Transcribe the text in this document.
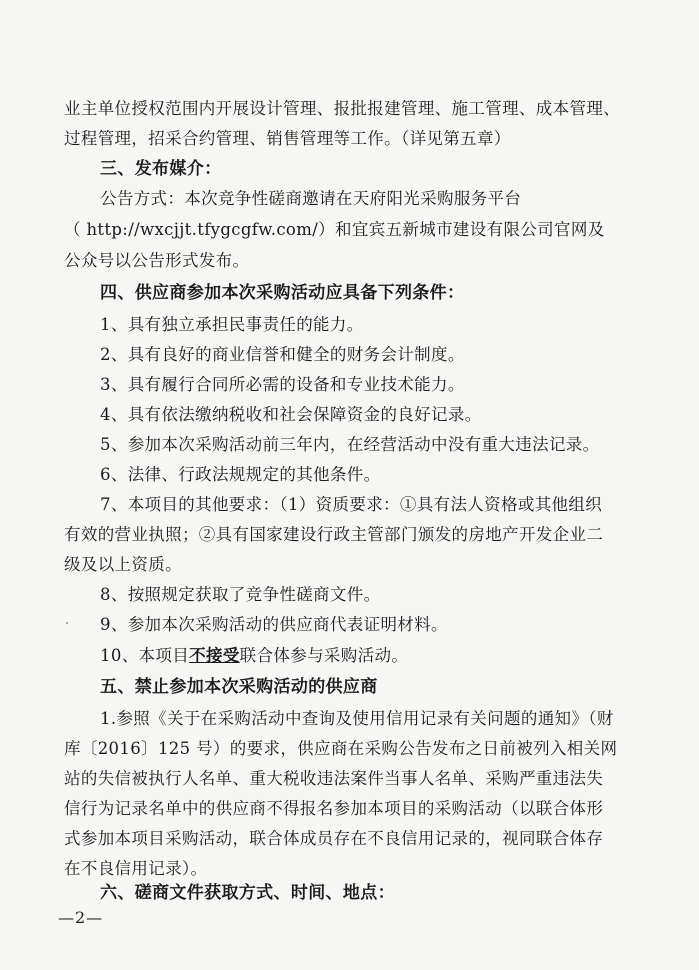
业主单位授权范围内开展设计管理、报批报建管理、施工管理、成本管理、
过程管理，招采合约管理、销售管理等工作。（详见第五章）
三、发布媒介：
公告方式：本次竞争性磋商邀请在天府阳光采购服务平台
（ http://wxcjjt.tfygcgfw.com/）和宜宾五新城市建设有限公司官网及
公众号以公告形式发布。
四、供应商参加本次采购活动应具备下列条件：
1、具有独立承担民事责任的能力。
2、具有良好的商业信誉和健全的财务会计制度。
3、具有履行合同所必需的设备和专业技术能力。
4、具有依法缴纳税收和社会保障资金的良好记录。
5、参加本次采购活动前三年内，在经营活动中没有重大违法记录。
6、法律、行政法规规定的其他条件。
7、本项目的其他要求：（1）资质要求：①具有法人资格或其他组织
有效的营业执照；②具有国家建设行政主管部门颁发的房地产开发企业二
级及以上资质。
8、按照规定获取了竞争性磋商文件。
9、参加本次采购活动的供应商代表证明材料。
10、本项目不接受联合体参与采购活动。
五、禁止参加本次采购活动的供应商
1.参照《关于在采购活动中查询及使用信用记录有关问题的通知》（财
库〔2016〕125 号）的要求，供应商在采购公告发布之日前被列入相关网
站的失信被执行人名单、重大税收违法案件当事人名单、采购严重违法失
信行为记录名单中的供应商不得报名参加本项目的采购活动（以联合体形
式参加本项目采购活动，联合体成员存在不良信用记录的，视同联合体存
在不良信用记录）。
六、磋商文件获取方式、时间、地点：
—2—
